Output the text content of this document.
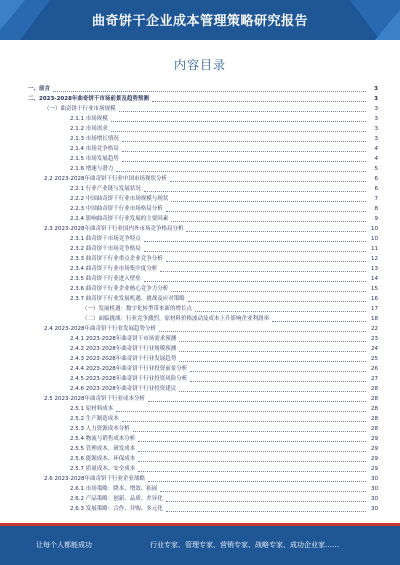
曲奇饼干企业成本管理策略研究报告
内容目录
一、前言	3
二、2023-2028年曲奇饼干市场前景及趋势预测	3
（一）曲奇饼干行业市场规模	3
2.1.1 市场规模	3
2.1.2 市场需求	3
2.1.3 市场增长情况	3
2.1.4 市场竞争格局	4
2.1.5 市场发展趋势	4
2.1.6 增速与潜力	5
2.2 2023-2028年曲奇饼干行业中国市场现状分析	6
2.2.1 行业产业链与发展状况	6
2.2.2 中国曲奇饼干行业市场规模与现状	7
2.2.3 中国曲奇饼干行业市场格局分析	8
2.2.4 影响曲奇饼干行业发展的主要因素	9
2.3 2023-2028年曲奇饼干行业国内外市场竞争格局分析	10
2.3.1 曲奇饼干市场竞争特点	10
2.3.2 曲奇饼干市场竞争格局	11
2.3.3 曲奇饼干行业重点企业竞争分析	12
2.3.4 曲奇饼干行业市场集中度分析	13
2.3.5 曲奇饼干行业进入壁垒	14
2.3.6 曲奇饼干行业企业核心竞争力分析	15
2.3.7 曲奇饼干行业发展机遇、挑战及应对策略	16
（一）发展机遇：数字化转型带来新的增长点	17
（二）面临挑战：行业竞争激烈，原材料价格波动及成本上升影响企业利润率	18
2.4 2023-2028年曲奇饼干行业发展趋势分析	22
2.4.1 2023-2028年曲奇饼干市场需求预测	23
2.4.2 2023-2028年曲奇饼干行业规模预测	24
2.4.3 2023-2028年曲奇饼干行业发展趋势	25
2.4.4 2023-2028年曲奇饼干行业投资前景分析	26
2.4.5 2023-2028年曲奇饼干行业投资风险分析	27
2.4.6 2023-2028年曲奇饼干行业投资建议	28
2.5 2023-2028年曲奇饼干行业成本分析	28
2.5.1 原材料成本	28
2.5.2 生产制造成本	28
2.5.3 人力资源成本分析	28
2.5.4 物流与销售成本分析	29
2.5.5 管理成本、研发成本	29
2.5.6 能源成本、环保成本	29
2.5.7 质量成本、安全成本	29
2.6 2023-2028年曲奇饼干行业企业战略	30
2.6.1 市场策略：降本、增效、拓展	30
2.6.2 产品策略：创新、品质、差异化	30
2.6.3 发展策略：合作、并购、多元化	30
让每个人都能成功	行业专家、管理专家、营销专家、战略专家、成功企业家……
